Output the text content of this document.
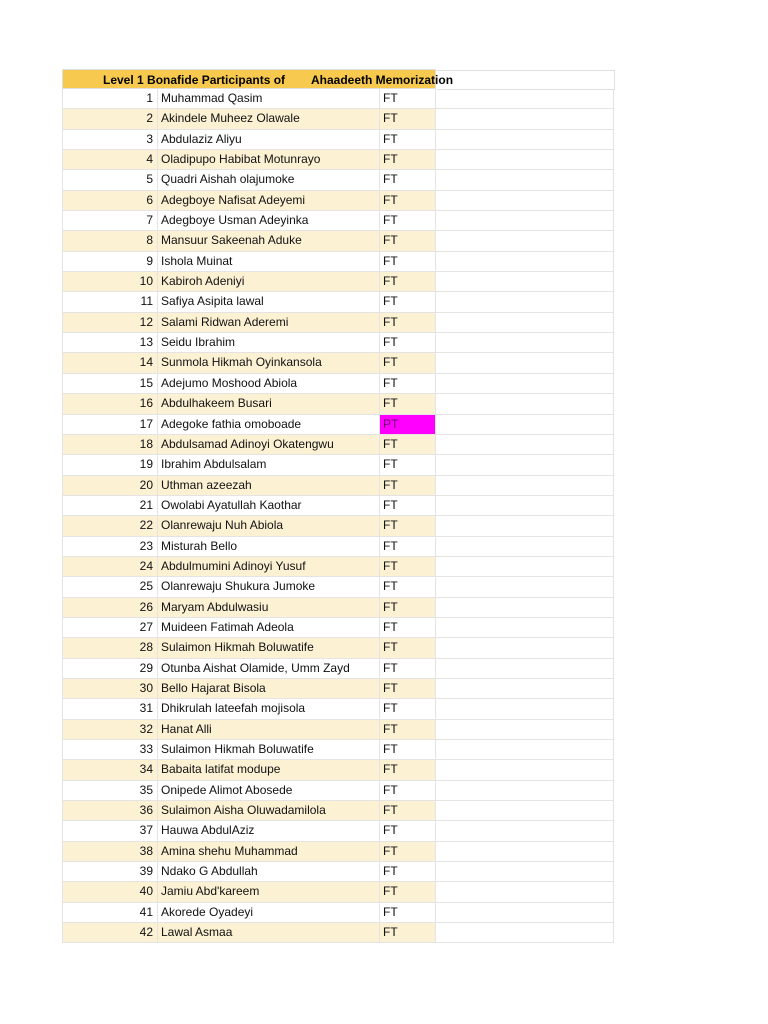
Level 1 Bonafide Participants of Ahaadeeth Memorization
1 Muhammad Qasim	FT
2 Akindele Muheez Olawale	FT
3 Abdulaziz Aliyu	FT
4 Oladipupo Habibat Motunrayo	FT
5 Quadri Aishah olajumoke	FT
6 Adegboye Nafisat Adeyemi	FT
7 Adegboye Usman Adeyinka	FT
8 Mansuur Sakeenah Aduke	FT
9 Ishola Muinat	FT
10 Kabiroh Adeniyi	FT
11 Safiya Asipita lawal	FT
12 Salami Ridwan Aderemi	FT
13 Seidu Ibrahim	FT
14 Sunmola Hikmah Oyinkansola	FT
15 Adejumo Moshood Abiola	FT
16 Abdulhakeem Busari	FT
17 Adegoke fathia omoboade	PT
18 Abdulsamad Adinoyi Okatengwu	FT
19 Ibrahim Abdulsalam	FT
20 Uthman azeezah	FT
21 Owolabi Ayatullah Kaothar	FT
22 Olanrewaju Nuh Abiola	FT
23 Misturah Bello	FT
24 Abdulmumini Adinoyi Yusuf	FT
25 Olanrewaju Shukura Jumoke	FT
26 Maryam Abdulwasiu	FT
27 Muideen Fatimah Adeola	FT
28 Sulaimon Hikmah Boluwatife	FT
29 Otunba Aishat Olamide, Umm Zayd	FT
30 Bello Hajarat Bisola	FT
31 Dhikrulah lateefah mojisola	FT
32 Hanat Alli	FT
33 Sulaimon Hikmah Boluwatife	FT
34 Babaita latifat modupe	FT
35 Onipede Alimot Abosede	FT
36 Sulaimon Aisha Oluwadamilola	FT
37 Hauwa AbdulAziz	FT
38 Amina shehu Muhammad	FT
39 Ndako G Abdullah	FT
40 Jamiu Abd'kareem	FT
41 Akorede Oyadeyi	FT
42 Lawal Asmaa	FT
